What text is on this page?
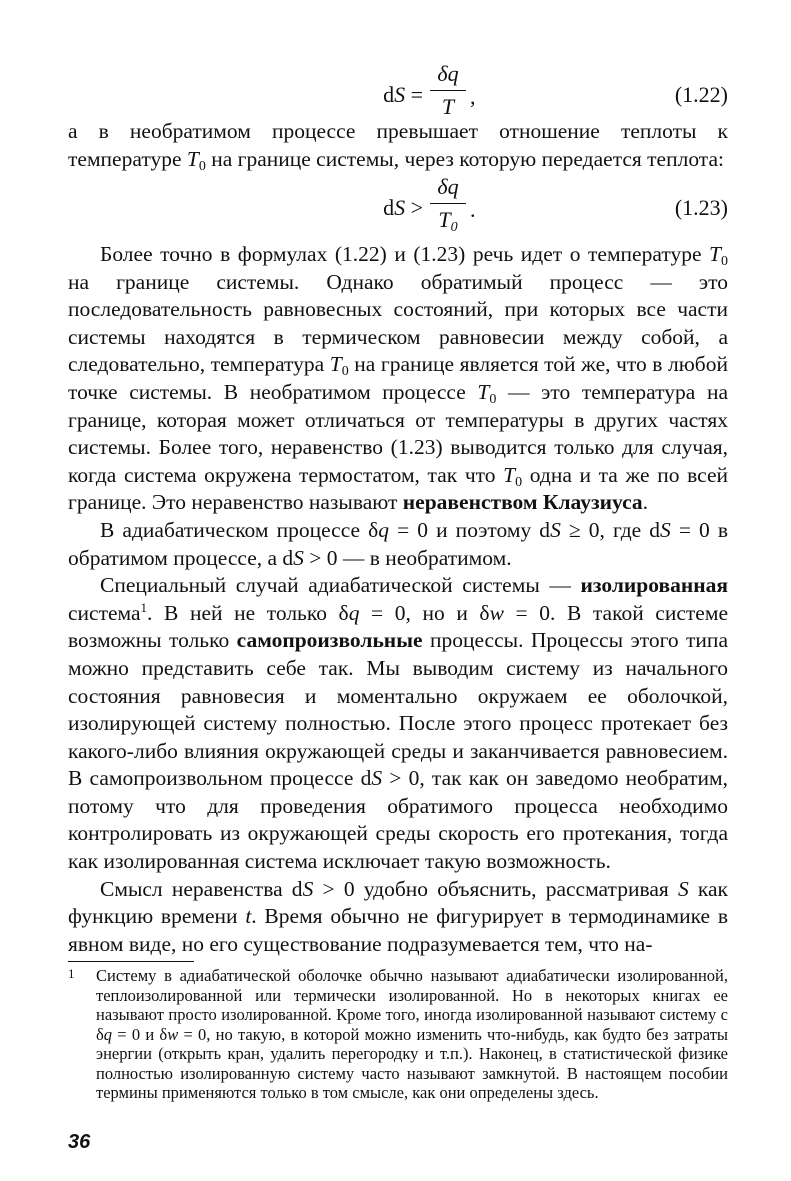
dS =
δq
T ,	(1.22)

а в необратимом процессе превышает отношение теплоты к температуре $T_0$ на границе системы, через которую передается теплота:

dS >
δq
$T_0$
.	(1.23)

Более точно в формулах (1.22) и (1.23) речь идет о температуре $T_0$ на границе системы. Однако обратимый процесс — это последовательность равновесных состояний, при которых все части системы находятся в термическом равновесии между собой, а следовательно, температура $T_0$ на границе является той же, что в любой точке системы. В необратимом процессе $T_0$ — это температура на границе, которая может отличаться от температуры в других частях системы. Более того, неравенство (1.23) выводится только для случая, когда система окружена термостатом, так что $T_0$ одна и та же по всей границе. Это неравенство называют неравенством Клаузиуса.

В адиабатическом процессе δq = 0 и поэтому dS ≥ 0, где dS = 0 в обратимом процессе, а dS > 0 — в необратимом.

Специальный случай адиабатической системы — изолированная система$^1$. В ней не только δq = 0, но и δw = 0. В такой системе возможны только самопроизвольные процессы. Процессы этого типа можно представить себе так. Мы выводим систему из начального состояния равновесия и моментально окружаем ее оболочкой, изолирующей систему полностью. После этого процесс протекает без какого-либо влияния окружающей среды и заканчивается равновесием. В самопроизвольном процессе dS > 0, так как он заведомо необратим, потому что для проведения обратимого процесса необходимо контролировать из окружающей среды скорость его протекания, тогда как изолированная система исключает такую возможность.

Смысл неравенства dS > 0 удобно объяснить, рассматривая S как функцию времени t. Время обычно не фигурирует в термодинамике в явном виде, но его существование подразумевается тем, что на-

1 Систему в адиабатической оболочке обычно называют адиабатически изолированной, теплоизолированной или термически изолированной. Но в некоторых книгах ее называют просто изолированной. Кроме того, иногда изолированной называют систему с δq = 0 и δw = 0, но такую, в которой можно изменить что-нибудь, как будто без затраты энергии (открыть кран, удалить перегородку и т.п.). Наконец, в статистической физике полностью изолированную систему часто называют замкнутой. В настоящем пособии термины применяются только в том смысле, как они определены здесь.
36
